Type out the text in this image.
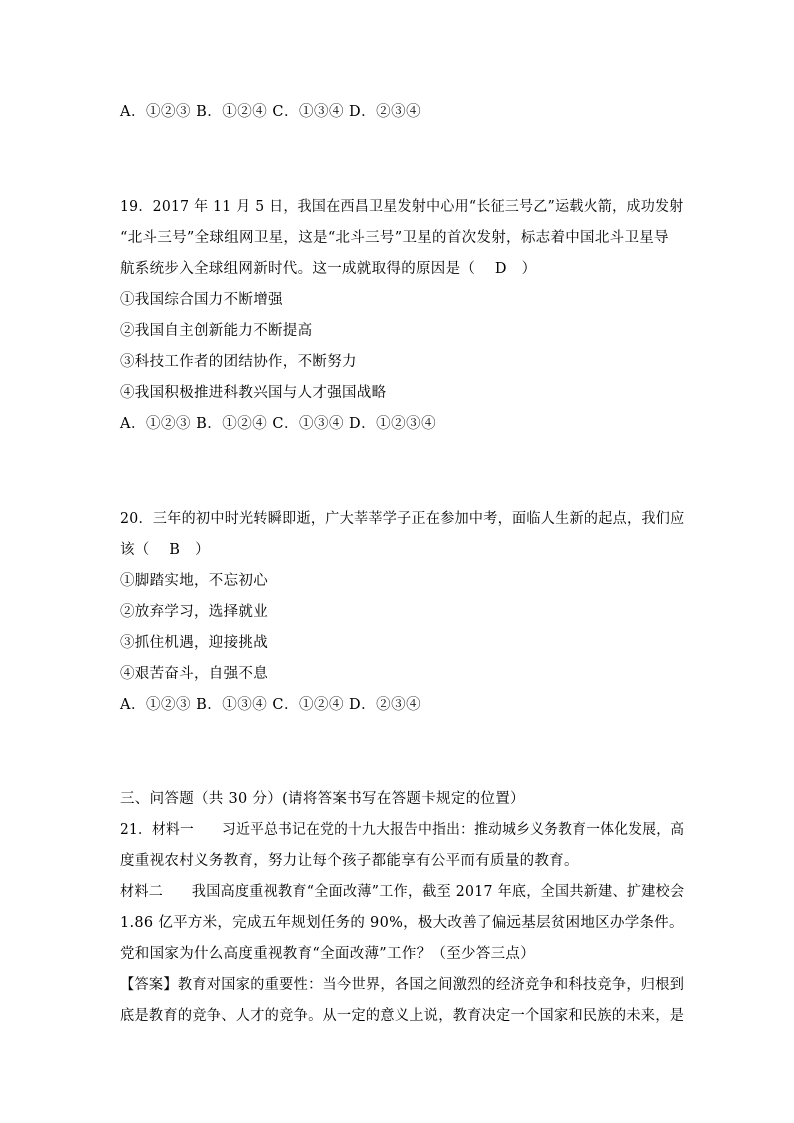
A．①②③ B．①②④ C．①③④ D．②③④
19．2017 年 11 月 5 日，我国在西昌卫星发射中心用“长征三号乙”运载火箭，成功发射
“北斗三号”全球组网卫星，这是“北斗三号”卫星的首次发射，标志着中国北斗卫星导
航系统步入全球组网新时代。这一成就取得的原因是（　 D　）
①我国综合国力不断增强
②我国自主创新能力不断提高
③科技工作者的团结协作，不断努力
④我国积极推进科教兴国与人才强国战略
A．①②③ B．①②④ C．①③④ D．①②③④
20．三年的初中时光转瞬即逝，广大莘莘学子正在参加中考，面临人生新的起点，我们应
该（　 B　）
①脚踏实地，不忘初心
②放弃学习，选择就业
③抓住机遇，迎接挑战
④艰苦奋斗，自强不息
A．①②③ B．①③④ C．①②④ D．②③④
三、问答题（共 30 分）(请将答案书写在答题卡规定的位置）
21．材料一　　习近平总书记在党的十九大报告中指出：推动城乡义务教育一体化发展，高
度重视农村义务教育，努力让每个孩子都能享有公平而有质量的教育。
材料二　　我国高度重视教育“全面改薄”工作，截至 2017 年底，全国共新建、扩建校会
1.86 亿平方米，完成五年规划任务的 90%，极大改善了偏远基层贫困地区办学条件。
党和国家为什么高度重视教育“全面改薄”工作？（至少答三点）
【答案】教育对国家的重要性：当今世界，各国之间激烈的经济竞争和科技竞争，归根到
底是教育的竞争、人才的竞争。从一定的意义上说，教育决定一个国家和民族的未来，是
